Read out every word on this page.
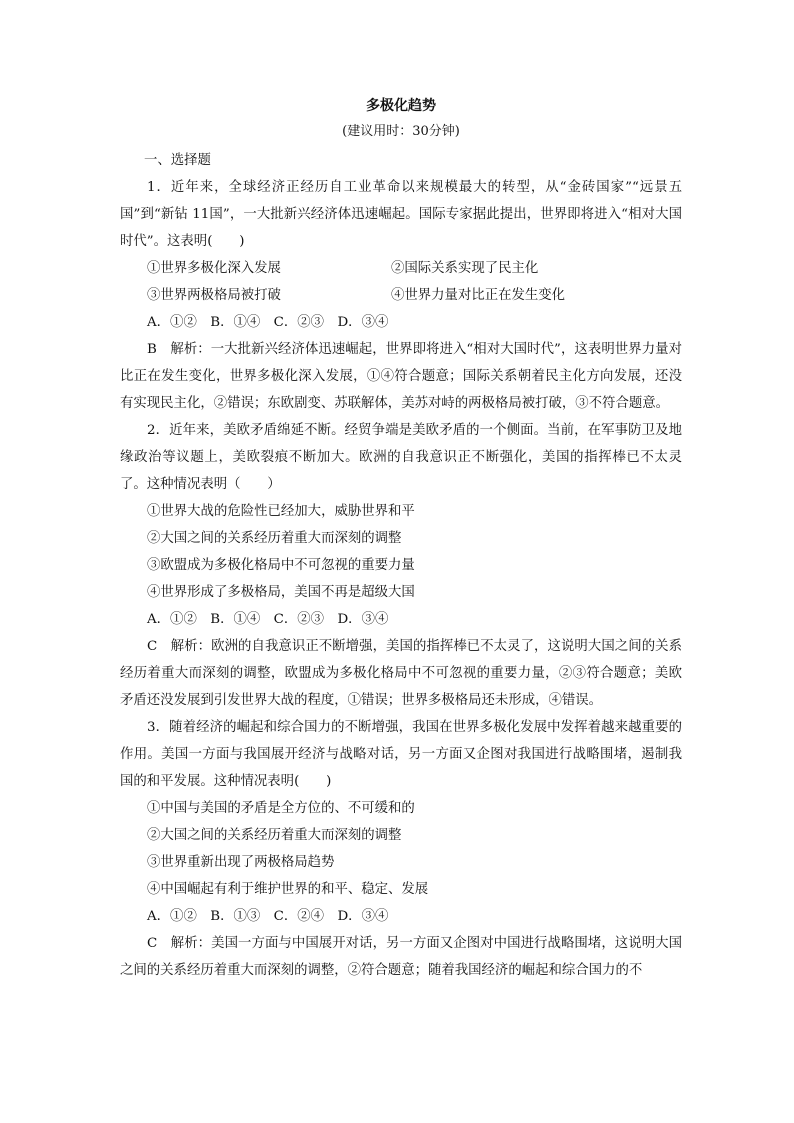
多极化趋势
(建议用时：30分钟)
一、选择题
1．近年来，全球经济正经历自工业革命以来规模最大的转型，从“金砖国家”“远景五国”到“新钻 11国”，一大批新兴经济体迅速崛起。国际专家据此提出，世界即将进入“相对大国时代”。这表明(　　)
①世界多极化深入发展	②国际关系实现了民主化
③世界两极格局被打破	④世界力量对比正在发生变化
A．①②　B．①④　C．②③　D．③④
B　解析：一大批新兴经济体迅速崛起，世界即将进入“相对大国时代”，这表明世界力量对比正在发生变化，世界多极化深入发展，①④符合题意；国际关系朝着民主化方向发展，还没有实现民主化，②错误；东欧剧变、苏联解体，美苏对峙的两极格局被打破，③不符合题意。
2．近年来，美欧矛盾绵延不断。经贸争端是美欧矛盾的一个侧面。当前，在军事防卫及地缘政治等议题上，美欧裂痕不断加大。欧洲的自我意识正不断强化，美国的指挥棒已不太灵了。这种情况表明（　　）
①世界大战的危险性已经加大，威胁世界和平
②大国之间的关系经历着重大而深刻的调整
③欧盟成为多极化格局中不可忽视的重要力量
④世界形成了多极格局，美国不再是超级大国
A．①②　B．①④　C．②③　D．③④
C　解析：欧洲的自我意识正不断增强，美国的指挥棒已不太灵了，这说明大国之间的关系经历着重大而深刻的调整，欧盟成为多极化格局中不可忽视的重要力量，②③符合题意；美欧矛盾还没发展到引发世界大战的程度，①错误；世界多极格局还未形成，④错误。
3．随着经济的崛起和综合国力的不断增强，我国在世界多极化发展中发挥着越来越重要的作用。美国一方面与我国展开经济与战略对话，另一方面又企图对我国进行战略围堵，遏制我国的和平发展。这种情况表明(　　)
①中国与美国的矛盾是全方位的、不可缓和的
②大国之间的关系经历着重大而深刻的调整
③世界重新出现了两极格局趋势
④中国崛起有利于维护世界的和平、稳定、发展
A．①②　B．①③　C．②④　D．③④
C　解析：美国一方面与中国展开对话，另一方面又企图对中国进行战略围堵，这说明大国之间的关系经历着重大而深刻的调整，②符合题意；随着我国经济的崛起和综合国力的不
